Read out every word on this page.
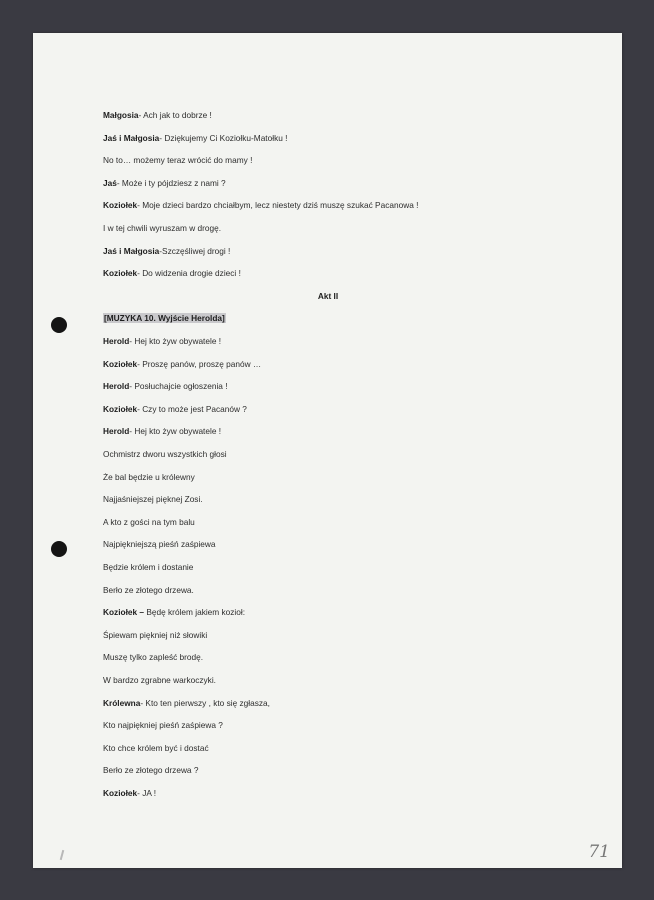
Małgosia- Ach jak to dobrze !
Jaś i Małgosia- Dziękujemy Ci Koziołku-Matołku !
No to… możemy teraz wrócić do mamy !
Jaś- Może i ty pójdziesz z nami ?
Koziołek- Moje dzieci bardzo chciałbym, lecz niestety dziś muszę szukać Pacanowa !
I w tej chwili wyruszam w drogę.
Jaś i Małgosia-Szczęśliwej drogi !
Koziołek- Do widzenia drogie dzieci !
Akt II
[MUZYKA 10. Wyjście Herolda]
Herold- Hej kto żyw obywatele !
Koziołek- Proszę panów, proszę panów …
Herold- Posłuchajcie ogłoszenia !
Koziołek- Czy to może jest Pacanów ?
Herold- Hej kto żyw obywatele !
Ochmistrz dworu wszystkich głosi
Że bal będzie u królewny
Najjaśniejszej pięknej Zosi.
A kto z gości na tym balu
Najpiękniejszą pieśń zaśpiewa
Będzie królem i dostanie
Berło ze złotego drzewa.
Koziołek – Będę królem jakiem kozioł:
Śpiewam piękniej niż słowiki
Muszę tylko zapleść brodę.
W bardzo zgrabne warkoczyki.
Królewna- Kto ten pierwszy , kto się zgłasza,
Kto najpiękniej pieśń zaśpiewa ?
Kto chce królem być i dostać
Berło ze złotego drzewa ?
Koziołek- JA !
71
